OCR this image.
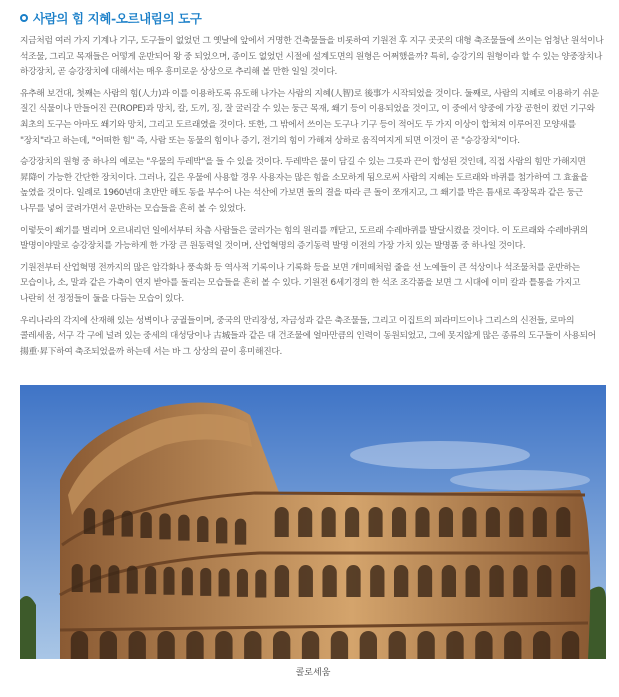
사람의 힘 지혜-오르내림의 도구

지금처럼 여러 가지 기계나 기구, 도구들이 없었던 그 옛날에 앞에서 거명한 건축물들을 비롯하여 기원전 후 지구 곳곳의 대형 축조물들에 쓰이는 엄청난 원석이나 석조물, 그리고 목재들은 어떻게 운반되어 왕 중 되었으며, 종이도 없었던 시절에 설계도면의 원형은 어쩌했을까? 특히, 승강기의 원형이라 할 수 있는 양중장치나 하강장치, 곧 승강장치에 대해서는 매우 흥미로운 상상으로 추리해 볼 만한 일일 것이다.

유추해 보건대, 첫째는 사람의 힘(人力)과 이를 이용하도록 유도해 나가는 사람의 지혜(人智)로 後事가 시작되었을 것이다. 둘째로, 사람의 지혜로 이용하기 쉬운 질긴 식물이나 만들어진 끈(ROPE)과 망치, 칼, 도끼, 징, 잘 굴러갈 수 있는 둥근 목재, 쐐기 등이 이용되었을 것이고, 이 중에서 양중에 가장 공헌이 컸던 기구와 최초의 도구는 아마도 쐐기와 망치, 그리고 도르래였을 것이다. 또한, 그 밖에서 쓰이는 도구나 기구 등이 적어도 두 가지 이상이 합쳐져 이루어진 모양새를 "장치"라고 하는데, "어떠한 힘" 즉, 사람 또는 동물의 힘이나 증기, 전기의 힘이 가해져 상하로 움직여지게 되면 이것이 곧 "승강장치"이다.

승강장치의 원형 중 하나의 예로는 "우물의 두레박"을 들 수 있을 것이다. 두레박은 물이 담길 수 있는 그릇과 끈이 합성된 것인데, 직접 사람의 힘만 가해지면 昇降이 가능한 간단한 장치이다. 그러나, 깊은 우물에 사용할 경우 사용자는 많은 힘을 소모하게 됨으로써 사람의 지혜는 도르래와 바퀴를 첨가하여 그 효율을 높였을 것이다. 일례로 1960년대 초반만 해도 동을 부수어 나는 석산에 가보면 돌의 결을 따라 큰 돌이 쪼개지고, 그 쐐기를 박은 틈새로 족장목과 같은 둥근 나무를 넣어 굴려가면서 운반하는 모습들을 흔히 볼 수 있었다.

이렇듯이 쐐기를 벌리며 오르내리던 일에서부터 차츰 사람들은 굴러가는 힘의 원리를 깨닫고, 도르래 수레바퀴를 발달시켰을 것이다. 이 도르래와 수레바퀴의 발명이야말로 승강장치를 가능하게 한 가장 큰 원동력일 것이며, 산업혁명의 증기동력 발명 이전의 가장 가치 있는 발명품 중 하나일 것이다.

기원전부터 산업혁명 전까지의 많은 암각화나 풍속화 등 역사적 기록이나 기록화 등을 보면 개미떼처럼 줄을 선 노예들이 큰 석상이나 석조물처를 운반하는 모습이나, 소, 말과 같은 가축이 연지 받아를 돌리는 모습들을 흔히 볼 수 있다. 기원전 6세기경의 한 석조 조각품을 보면 그 시대에 이미 칼과 틀통을 가지고 나란히 선 정정들이 둘을 다듬는 모습이 있다.

우리나라의 각지에 산재해 있는 성벽이나 궁궐들이며, 중국의 만리장성, 자금성과 같은 축조물들, 그리고 이집트의 피라미드이나 그리스의 신전들, 로마의 콜레세움, 서구 각 구에 널려 있는 중세의 대성당이나 古城들과 같은 대 건조물에 얼마만큼의 인력이 동원되었고, 그에 못지않게 많은 종류의 도구들이 사용되어 揚重·昇下하여 축조되었을까 하는데 서는 바 그 상상의 끝이 흥미해진다.

콜로세움
